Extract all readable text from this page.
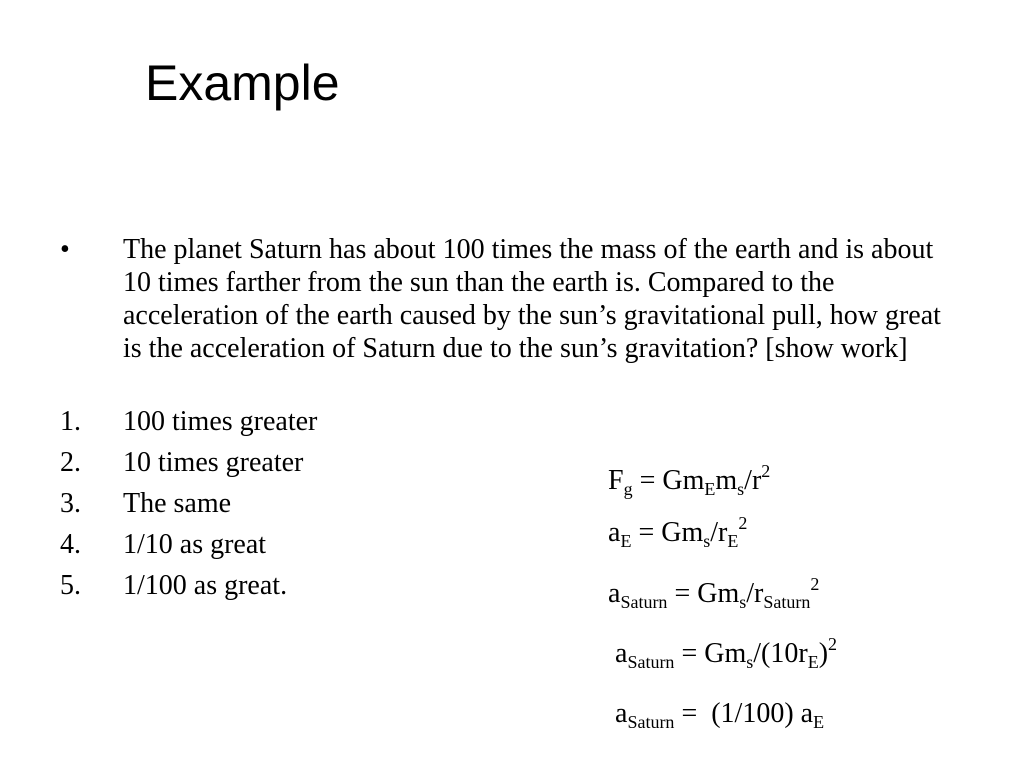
Example
• The planet Saturn has about 100 times the mass of the earth and is about 10 times farther from the sun than the earth is. Compared to the acceleration of the earth caused by the sun’s gravitational pull, how great is the acceleration of Saturn due to the sun’s gravitation? [show work]
1. 100 times greater
2. 10 times greater
3. The same
4. 1/10 as great
5. 1/100 as great.
$F_g = Gm_Em_s/r^2$
$a_E = Gm_s/r_E^2$
$a_{Saturn} = Gm_s/r_{Saturn}^2$
$a_{Saturn} = Gm_s/(10r_E)^2$
$a_{Saturn} = (1/100)$ $a_E$
